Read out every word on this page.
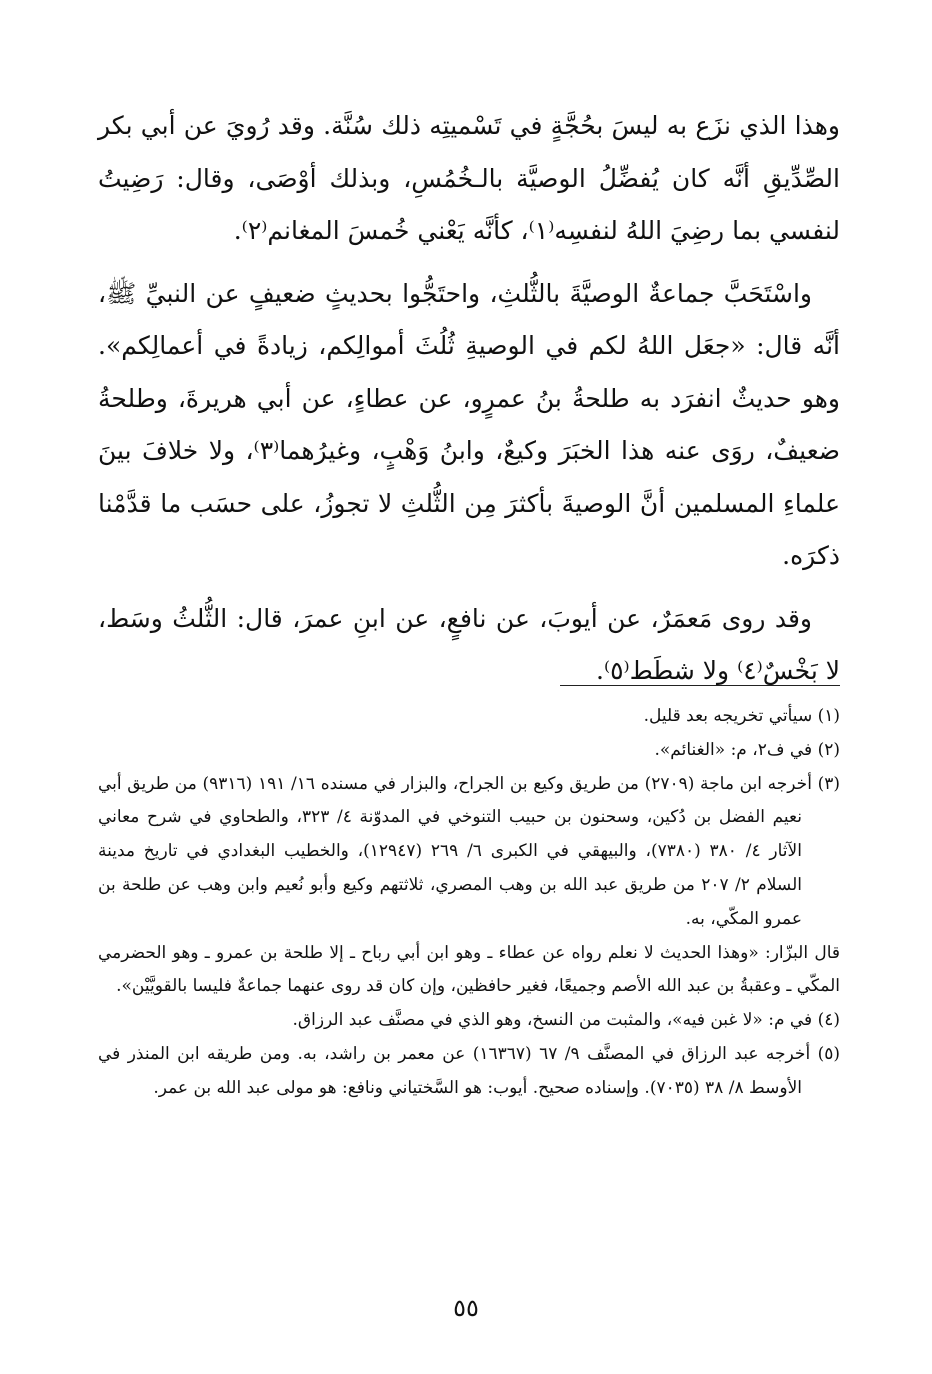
وهذا الذي نزَع به ليسَ بحُجَّةٍ في تَسْميتِه ذلك سُنَّة. وقد رُويَ عن أبي بكر الصِّدِّيقِ أنَّه كان يُفضِّلُ الوصيَّة بالـخُمُسِ، وبذلك أوْصَى، وقال: رَضِيتُ لنفسي بما رضِيَ اللهُ لنفسِه⁽١⁾، كأنَّه يَعْني خُمسَ المغانم⁽٢⁾.

واسْتَحَبَّ جماعةٌ الوصيَّةَ بالثُّلثِ، واحتَجُّوا بحديثٍ ضعيفٍ عن النبيِّ ﷺ، أنَّه قال: «جعَل اللهُ لكم في الوصيةِ ثُلُثَ أموالِكم، زيادةً في أعمالِكم». وهو حديثٌ انفرَد به طلحةُ بنُ عمرٍو، عن عطاءٍ، عن أبي هريرةَ، وطلحةُ ضعيفٌ، روَى عنه هذا الخبَرَ وكيعٌ، وابنُ وَهْبٍ، وغيرُهما⁽٣⁾، ولا خلافَ بينَ علماءِ المسلمين أنَّ الوصيةَ بأكثرَ مِن الثُّلثِ لا تجوزُ، على حسَب ما قدَّمْنا ذكرَه.

وقد روى مَعمَرٌ، عن أيوبَ، عن نافعٍ، عن ابنِ عمرَ، قال: الثُّلثُ وسَط، لا بَخْسٌ⁽٤⁾ ولا شطَط⁽٥⁾.

(١) سيأتي تخريجه بعد قليل.

(٢) في ف٢، م: «الغنائم».

(٣) أخرجه ابن ماجة (٢٧٠٩) من طريق وكيع بن الجراح، والبزار في مسنده ١٦/ ١٩١ (٩٣١٦) من طريق أبي نعيم الفضل بن دُكين، وسحنون بن حبيب التنوخي في المدوّنة ٤/ ٣٢٣، والطحاوي في شرح معاني الآثار ٤/ ٣٨٠ (٧٣٨٠)، والبيهقي في الكبرى ٦/ ٢٦٩ (١٢٩٤٧)، والخطيب البغدادي في تاريخ مدينة السلام ٢/ ٢٠٧ من طريق عبد الله بن وهب المصري، ثلاثتهم وكيع وأبو نُعيم وابن وهب عن طلحة بن عمرو المكّي، به.

قال البزّار: «وهذا الحديث لا نعلم رواه عن عطاء ـ وهو ابن أبي رباح ـ إلا طلحة بن عمرو ـ وهو الحضرمي المكّي ـ وعقبةُ بن عبد الله الأصم وجميعًا، فغير حافظين، وإن كان قد روى عنهما جماعةٌ فليسا بالقويَّيْن».

(٤) في م: «لا غبن فيه»، والمثبت من النسخ، وهو الذي في مصنَّف عبد الرزاق.

(٥) أخرجه عبد الرزاق في المصنَّف ٩/ ٦٧ (١٦٣٦٧) عن معمر بن راشد، به. ومن طريقه ابن المنذر في الأوسط ٨/ ٣٨ (٧٠٣٥). وإسناده صحيح. أيوب: هو السَّختياني ونافع: هو مولى عبد الله بن عمر.

٥٥
